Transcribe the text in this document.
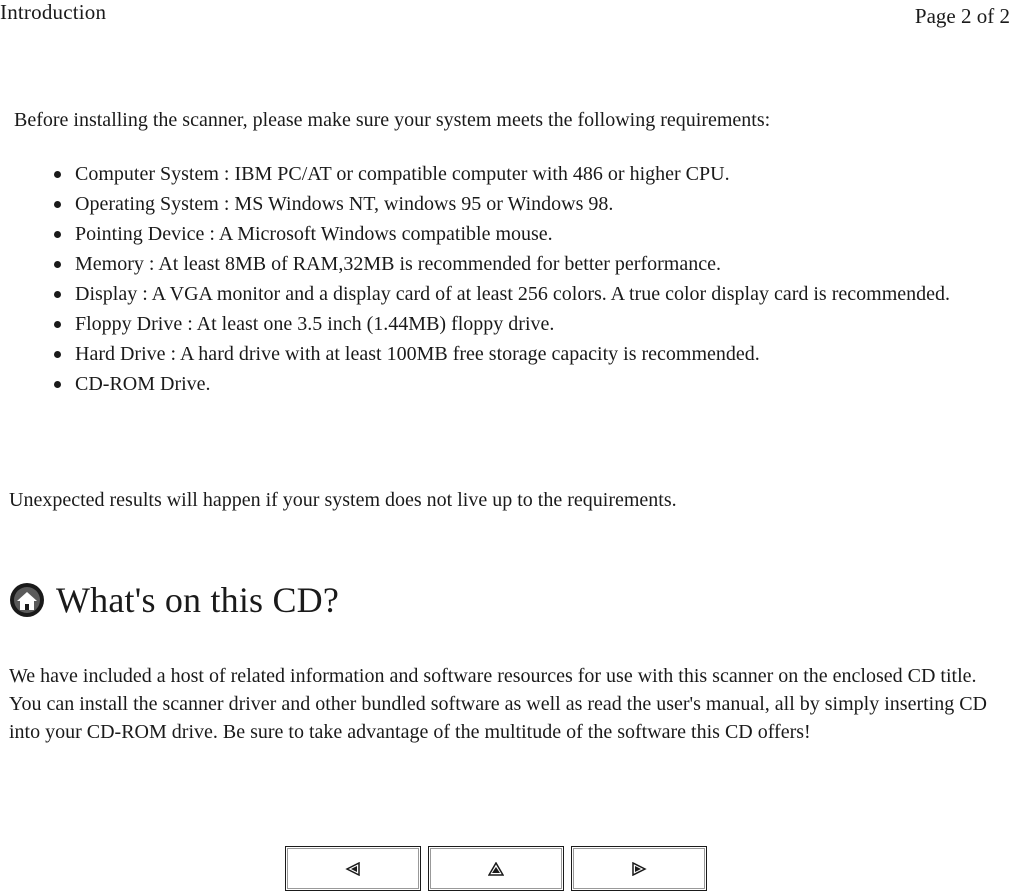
Introduction	Page 2 of 2
Before installing the scanner, please make sure your system meets the following requirements:
Computer System : IBM PC/AT or compatible computer with 486 or higher CPU.
Operating System : MS Windows NT, windows 95 or Windows 98.
Pointing Device : A Microsoft Windows compatible mouse.
Memory : At least 8MB of RAM,32MB is recommended for better performance.
Display : A VGA monitor and a display card of at least 256 colors. A true color display card is recommended.
Floppy Drive : At least one 3.5 inch (1.44MB) floppy drive.
Hard Drive : A hard drive with at least 100MB free storage capacity is recommended.
CD-ROM Drive.
Unexpected results will happen if your system does not live up to the requirements.
What's on this CD?

We have included a host of related information and software resources for use with this scanner on the enclosed CD title. You can install the scanner driver and other bundled software as well as read the user's manual, all by simply inserting CD into your CD-ROM drive. Be sure to take advantage of the multitude of the software this CD offers!
